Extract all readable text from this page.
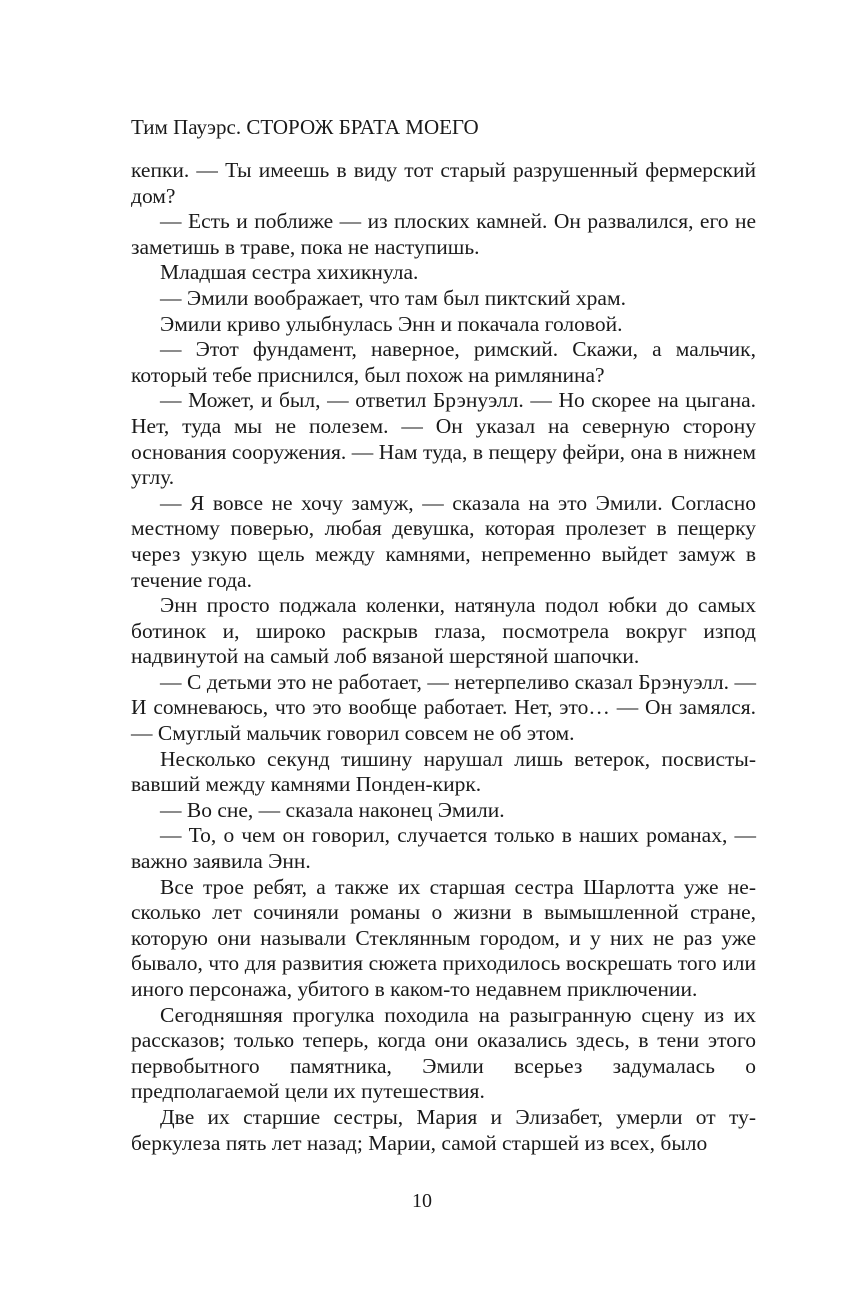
Тим Пауэрс. СТОРОЖ БРАТА МОЕГО

кепки. — Ты имеешь в виду тот старый разрушенный фермерский дом?

— Есть и поближе — из плоских камней. Он развалился, его не заметишь в траве, пока не наступишь.

Младшая сестра хихикнула.

— Эмили воображает, что там был пиктский храм.

Эмили криво улыбнулась Энн и покачала головой.

— Этот фундамент, наверное, римский. Скажи, а мальчик, который тебе приснился, был похож на римлянина?

— Может, и был, — ответил Брэнуэлл. — Но скорее на цыгана. Нет, туда мы не полезем. — Он указал на северную сторону основания сооружения. — Нам туда, в пещеру фейри, она в нижнем углу.

— Я вовсе не хочу замуж, — сказала на это Эмили. Согласно местному поверью, любая девушка, которая пролезет в пещерку через узкую щель между камнями, непременно выйдет замуж в течение года.

Энн просто поджала коленки, натянула подол юбки до самых ботинок и, широко раскрыв глаза, посмотрела вокруг изпод надвинутой на самый лоб вязаной шерстяной шапочки.

— С детьми это не работает, — нетерпеливо сказал Брэнуэлл. — И сомневаюсь, что это вообще работает. Нет, это… — Он замялся. — Смуглый мальчик говорил совсем не об этом.

Несколько секунд тишину нарушал лишь ветерок, посвистывавший между камнями Понден-кирк.

— Во сне, — сказала наконец Эмили.

— То, о чем он говорил, случается только в наших романах, — важно заявила Энн.

Все трое ребят, а также их старшая сестра Шарлотта уже несколько лет сочиняли романы о жизни в вымышленной стране, которую они называли Стеклянным городом, и у них не раз уже бывало, что для развития сюжета приходилось воскрешать того или иного персонажа, убитого в каком-то недавнем приключении.

Сегодняшняя прогулка походила на разыгранную сцену из их рассказов; только теперь, когда они оказались здесь, в тени этого первобытного памятника, Эмили всерьез задумалась о предполагаемой цели их путешествия.

Две их старшие сестры, Мария и Элизабет, умерли от туберкулеза пять лет назад; Марии, самой старшей из всех, было

10
